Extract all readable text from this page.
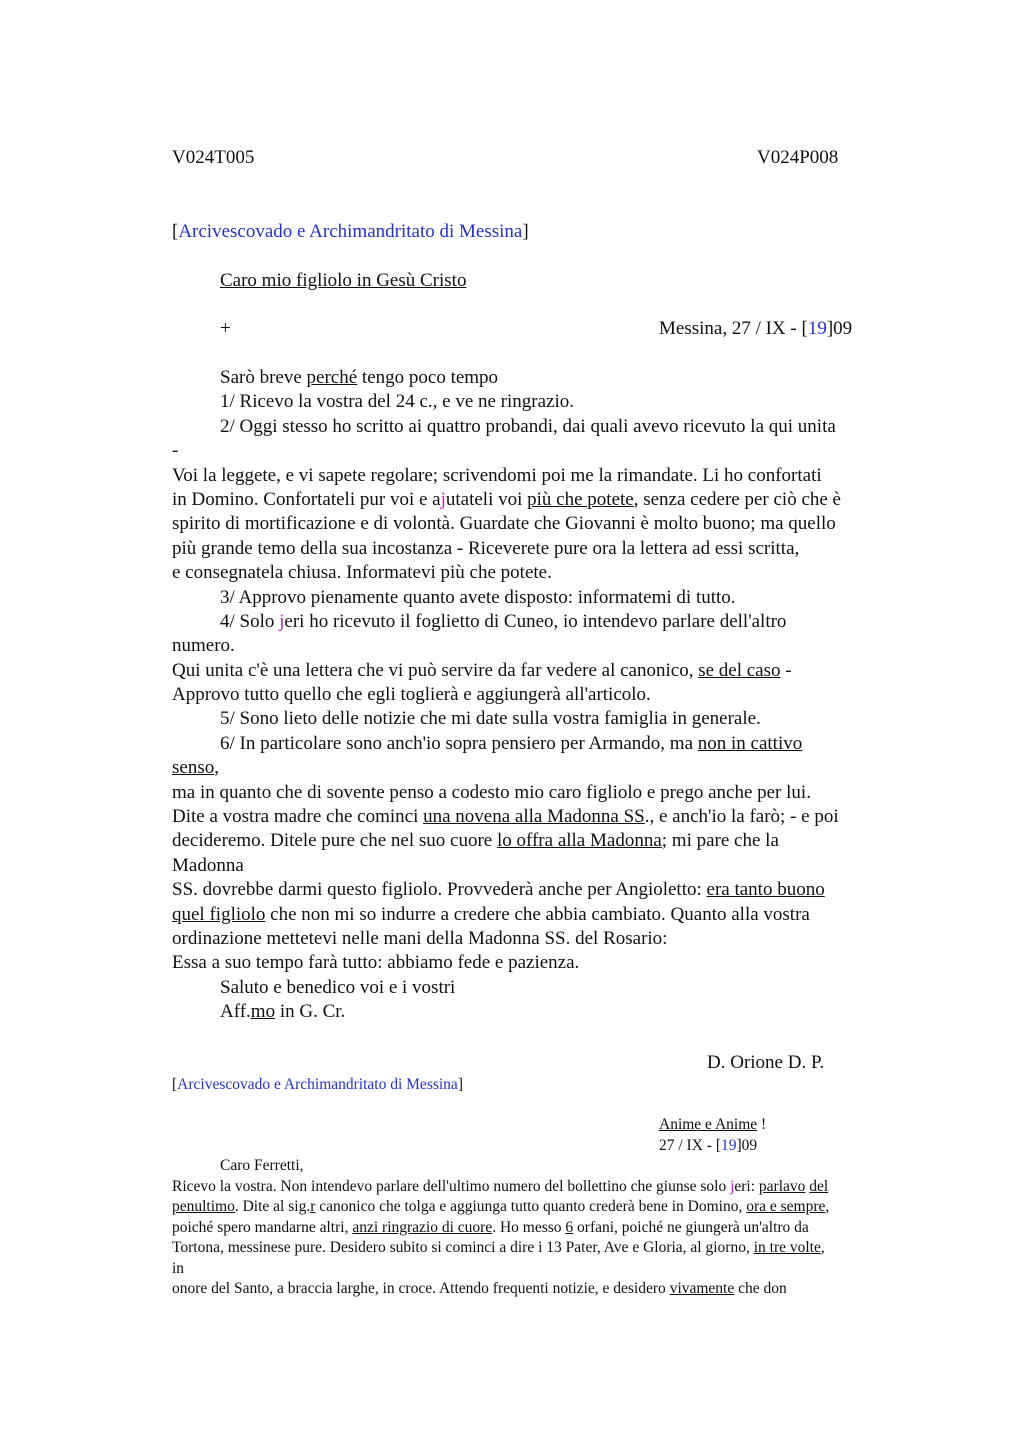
V024T005	V024P008
[Arcivescovado e Archimandritato di Messina]
Caro mio figliolo in Gesù Cristo
+	Messina, 27 / IX - [19]09
Sarò breve perché tengo poco tempo
1/ Ricevo la vostra del 24 c., e ve ne ringrazio.
2/ Oggi stesso ho scritto ai quattro probandi, dai quali avevo ricevuto la qui unita
-
Voi la leggete, e vi sapete regolare; scrivendomi poi me la rimandate. Li ho confortati
in Domino. Confortateli pur voi e ajutateli voi più che potete, senza cedere per ciò che è
spirito di mortificazione e di volontà. Guardate che Giovanni è molto buono; ma quello
più grande temo della sua incostanza - Riceverete pure ora la lettera ad essi scritta,
e consegnatela chiusa. Informatevi più che potete.
3/ Approvo pienamente quanto avete disposto: informatemi di tutto.
4/ Solo jeri ho ricevuto il foglietto di Cuneo, io intendevo parlare dell'altro
numero.
Qui unita c'è una lettera che vi può servire da far vedere al canonico, se del caso -
Approvo tutto quello che egli toglierà e aggiungerà all'articolo.
5/ Sono lieto delle notizie che mi date sulla vostra famiglia in generale.
6/ In particolare sono anch'io sopra pensiero per Armando, ma non in cattivo
senso,
ma in quanto che di sovente penso a codesto mio caro figliolo e prego anche per lui.
Dite a vostra madre che cominci una novena alla Madonna SS., e anch'io la farò; - e poi
decideremo. Ditele pure che nel suo cuore lo offra alla Madonna; mi pare che la
Madonna
SS. dovrebbe darmi questo figliolo. Provvederà anche per Angioletto: era tanto buono
quel figliolo che non mi so indurre a credere che abbia cambiato. Quanto alla vostra
ordinazione mettetevi nelle mani della Madonna SS. del Rosario:
Essa a suo tempo farà tutto: abbiamo fede e pazienza.
Saluto e benedico voi e i vostri
Aff.mo in G. Cr.
D. Orione D. P.
[Arcivescovado e Archimandritato di Messina]
Anime e Anime !
27 / IX - [19]09
Caro Ferretti,
Ricevo la vostra. Non intendevo parlare dell'ultimo numero del bollettino che giunse solo jeri: parlavo del
penultimo. Dite al sig.r canonico che tolga e aggiunga tutto quanto crederà bene in Domino, ora e sempre,
poiché spero mandarne altri, anzi ringrazio di cuore. Ho messo 6 orfani, poiché ne giungerà un'altro da
Tortona, messinese pure. Desidero subito si cominci a dire i 13 Pater, Ave e Gloria, al giorno, in tre volte,
in
onore del Santo, a braccia larghe, in croce. Attendo frequenti notizie, e desidero vivamente che don
